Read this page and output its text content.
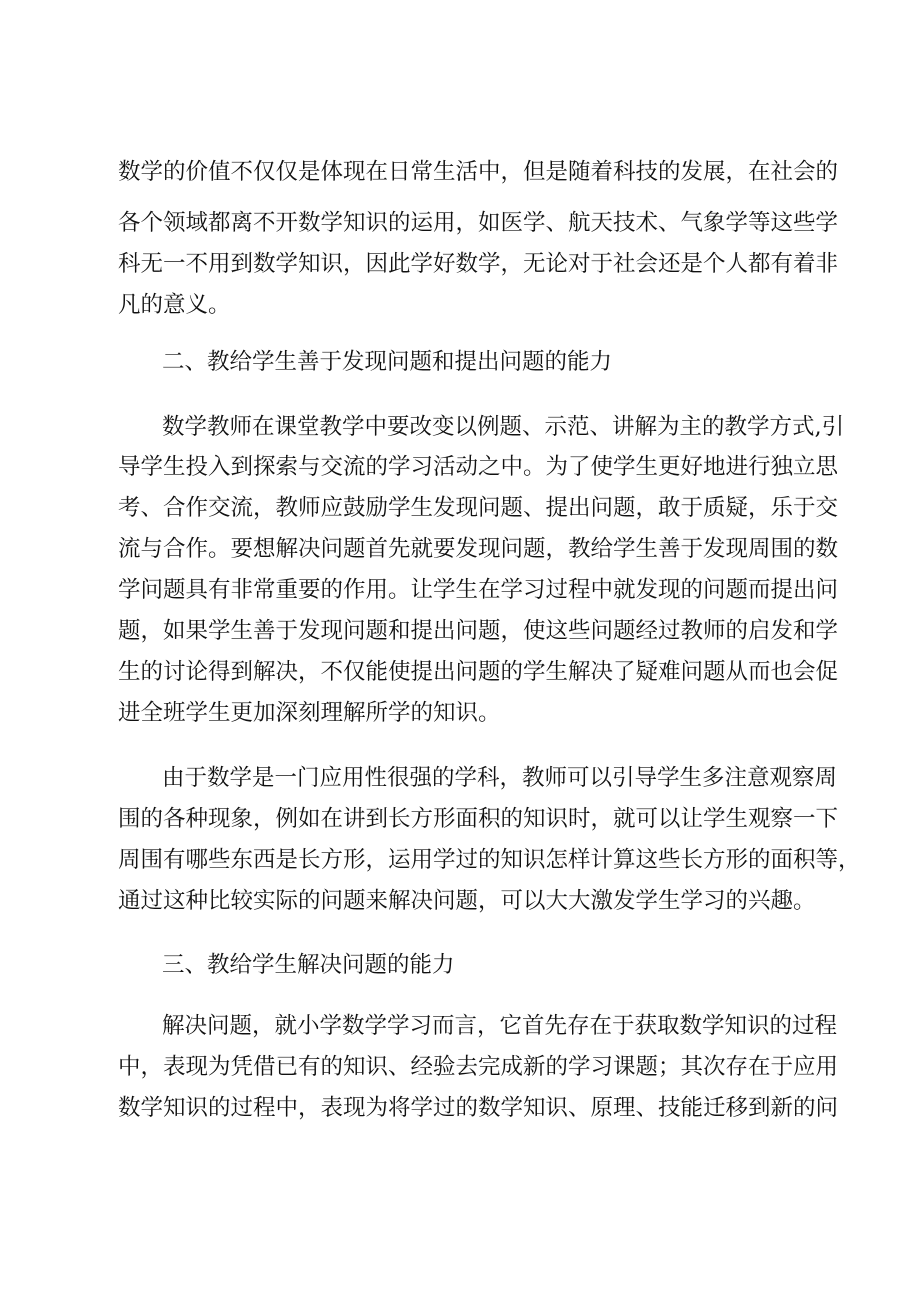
数学的价值不仅仅是体现在日常生活中，但是随着科技的发展，在社会的
各个领域都离不开数学知识的运用，如医学、航天技术、气象学等这些学
科无一不用到数学知识，因此学好数学，无论对于社会还是个人都有着非
凡的意义。
二、教给学生善于发现问题和提出问题的能力
数学教师在课堂教学中要改变以例题、示范、讲解为主的教学方式,引
导学生投入到探索与交流的学习活动之中。为了使学生更好地进行独立思
考、合作交流，教师应鼓励学生发现问题、提出问题，敢于质疑，乐于交
流与合作。要想解决问题首先就要发现问题，教给学生善于发现周围的数
学问题具有非常重要的作用。让学生在学习过程中就发现的问题而提出问
题，如果学生善于发现问题和提出问题，使这些问题经过教师的启发和学
生的讨论得到解决，不仅能使提出问题的学生解决了疑难问题从而也会促
进全班学生更加深刻理解所学的知识。
由于数学是一门应用性很强的学科，教师可以引导学生多注意观察周
围的各种现象，例如在讲到长方形面积的知识时，就可以让学生观察一下
周围有哪些东西是长方形，运用学过的知识怎样计算这些长方形的面积等，
通过这种比较实际的问题来解决问题，可以大大激发学生学习的兴趣。
三、教给学生解决问题的能力
解决问题，就小学数学学习而言，它首先存在于获取数学知识的过程
中，表现为凭借已有的知识、经验去完成新的学习课题；其次存在于应用
数学知识的过程中，表现为将学过的数学知识、原理、技能迁移到新的问
